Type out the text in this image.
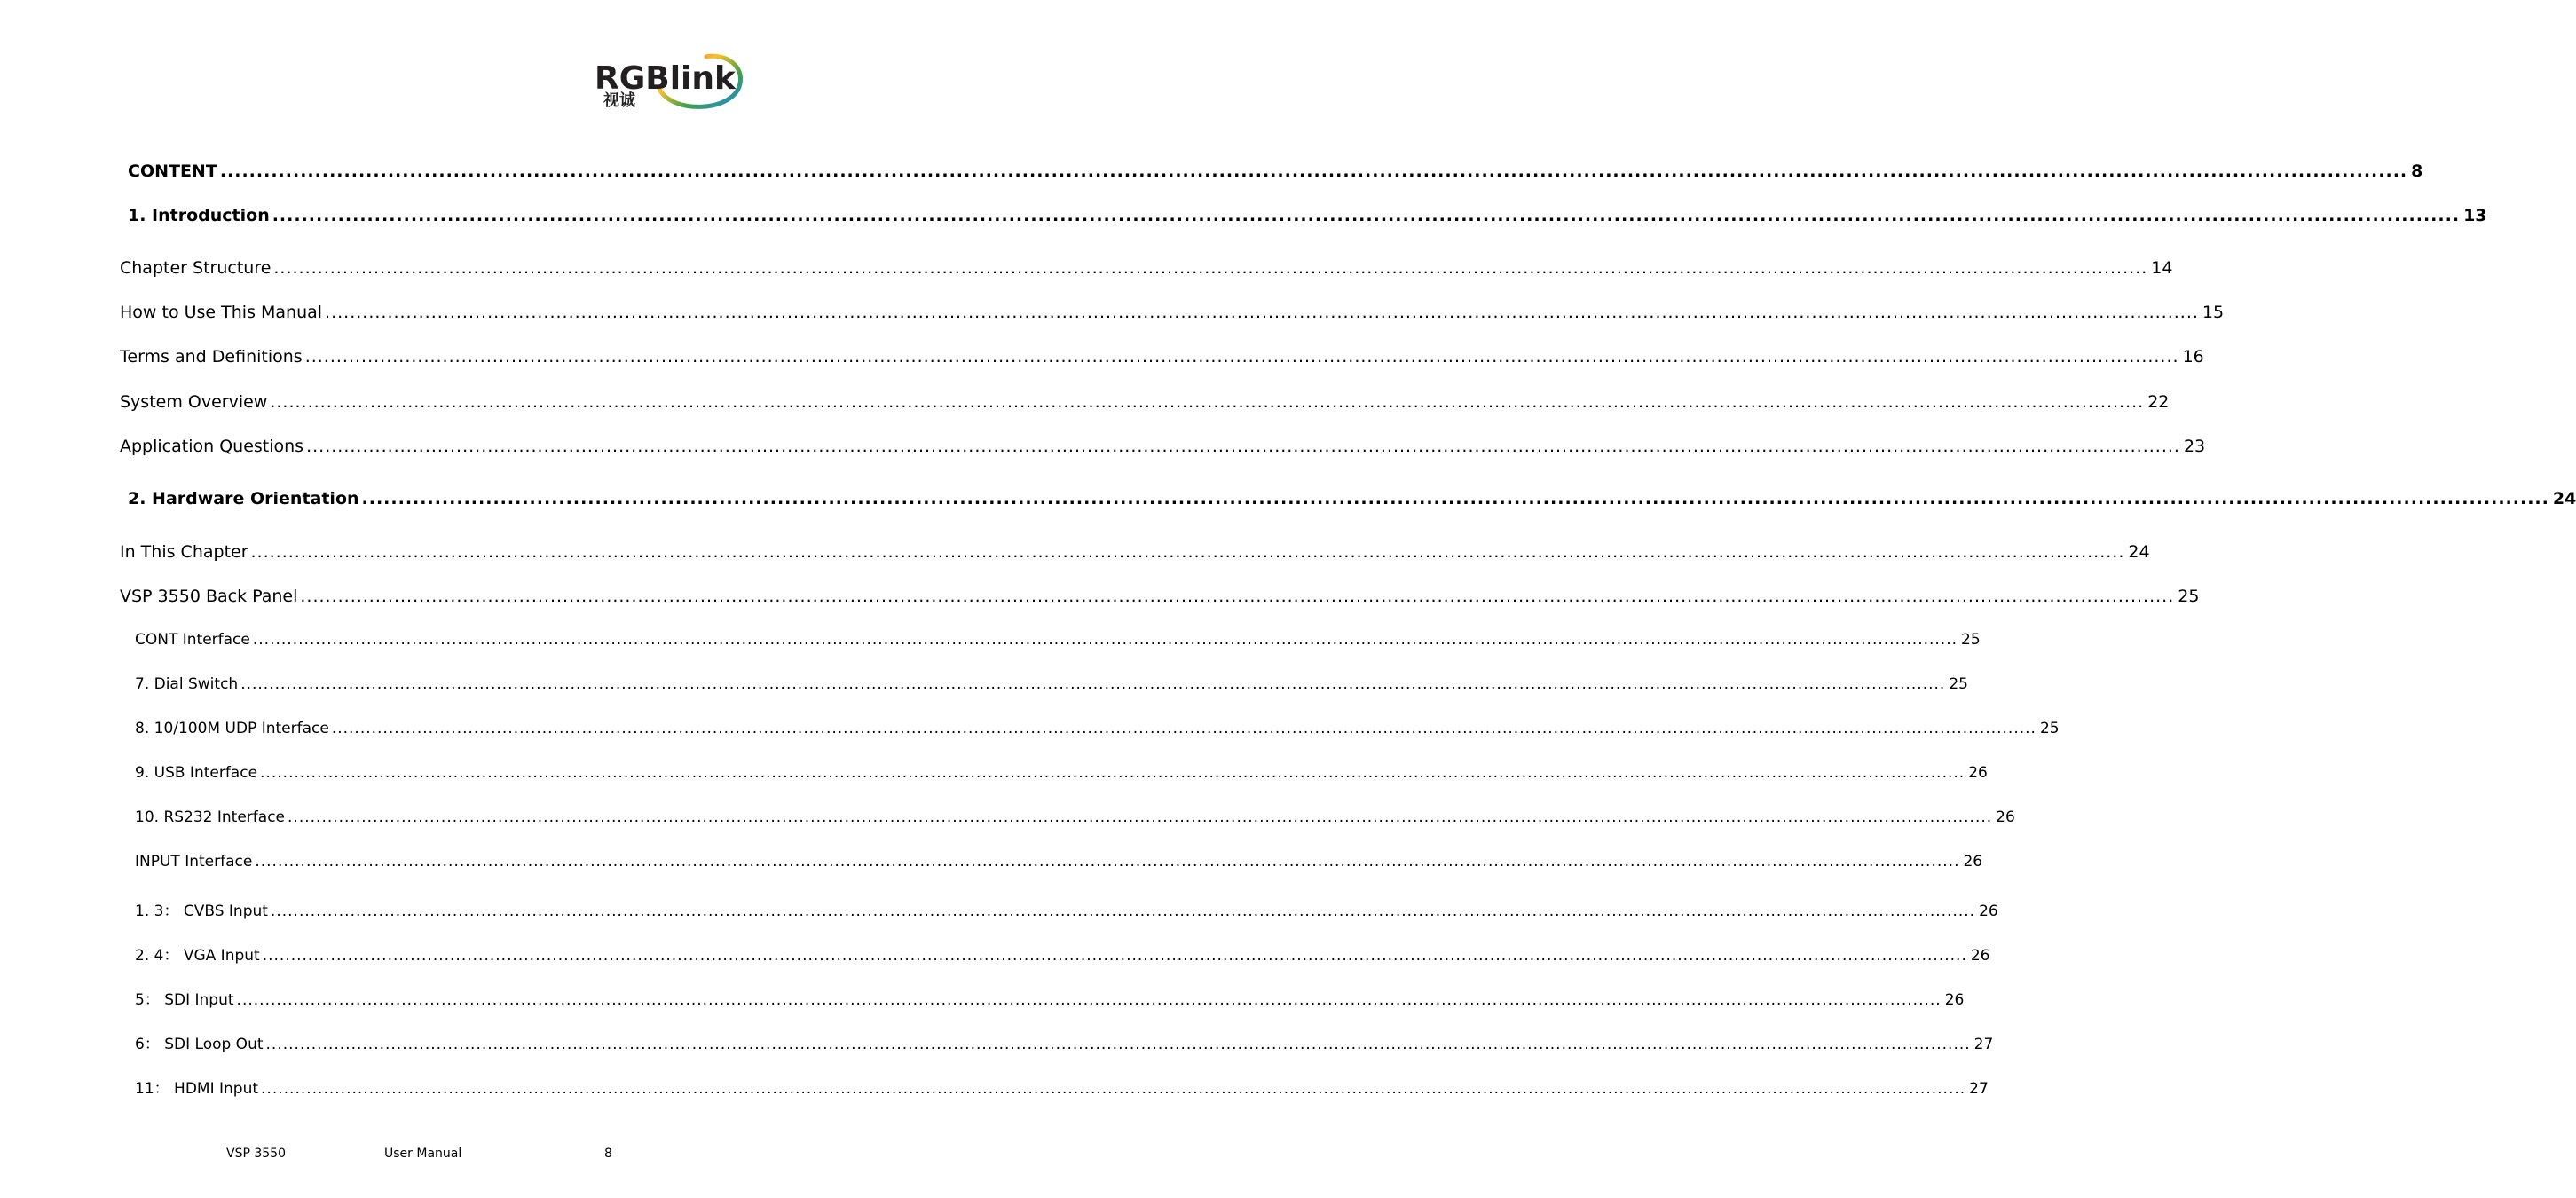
RGBlink
视诚
CONTENT ............................................................................................................................................................................................................................................................................................................ 8
1. Introduction ............................................................................................................................................................................................................................................................................................................ 13
Chapter Structure ............................................................................................................................................................................................................................................................................................................ 14
How to Use This Manual ............................................................................................................................................................................................................................................................................................................ 15
Terms and Definitions ............................................................................................................................................................................................................................................................................................................ 16
System Overview ............................................................................................................................................................................................................................................................................................................ 22
Application Questions ............................................................................................................................................................................................................................................................................................................ 23
2. Hardware Orientation ............................................................................................................................................................................................................................................................................................................ 24
In This Chapter ............................................................................................................................................................................................................................................................................................................ 24
VSP 3550 Back Panel ............................................................................................................................................................................................................................................................................................................ 25
CONT Interface ............................................................................................................................................................................................................................................................................................................ 25
7. Dial Switch ............................................................................................................................................................................................................................................................................................................ 25
8. 10/100M UDP Interface ............................................................................................................................................................................................................................................................................................................ 25
9. USB Interface ............................................................................................................................................................................................................................................................................................................ 26
10. RS232 Interface ............................................................................................................................................................................................................................................................................................................ 26
INPUT Interface ............................................................................................................................................................................................................................................................................................................ 26
1. 3： CVBS Input ............................................................................................................................................................................................................................................................................................................ 26
2. 4： VGA Input ............................................................................................................................................................................................................................................................................................................ 26
5： SDI Input ............................................................................................................................................................................................................................................................................................................ 26
6： SDI Loop Out ............................................................................................................................................................................................................................................................................................................ 27
11： HDMI Input ............................................................................................................................................................................................................................................................................................................ 27
VSP 3550	User Manual	8
